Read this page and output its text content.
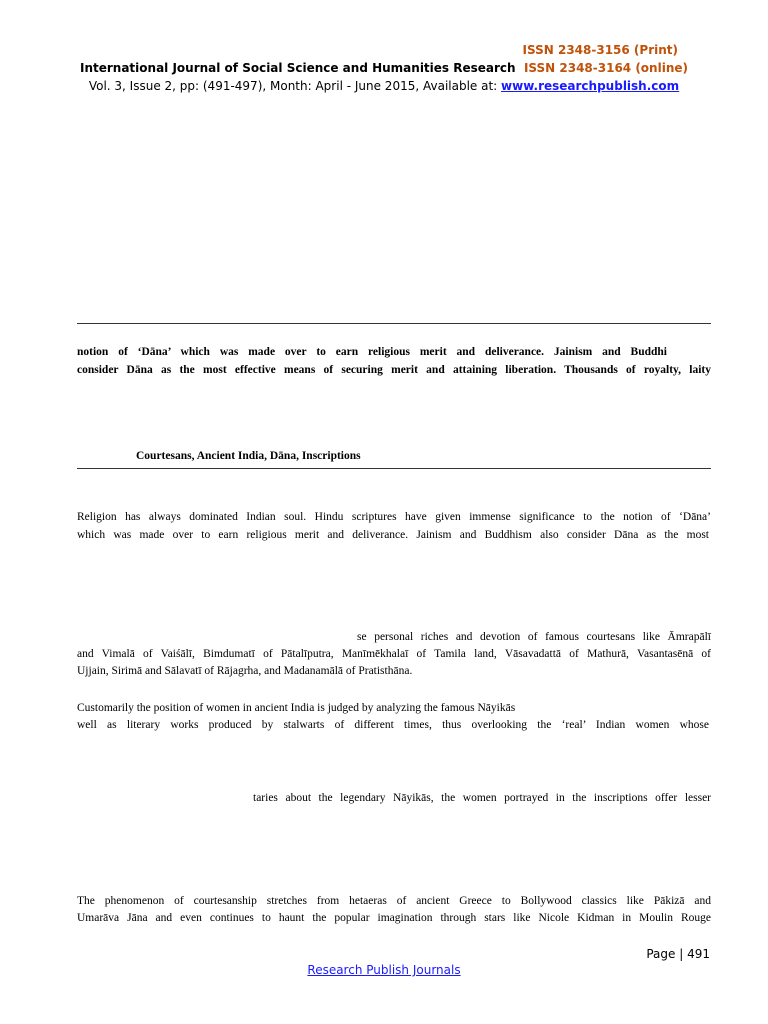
ISSN 2348-3156 (Print)
International Journal of Social Science and Humanities Research ISSN 2348-3164 (online)
Vol. 3, Issue 2, pp: (491-497), Month: April - June 2015, Available at: www.researchpublish.com
notion of ‘Dāna’ which was made over to earn religious merit and deliverance. Jainism and Buddhi
consider Dāna as the most effective means of securing merit and attaining liberation. Thousands of royalty, laity
Courtesans, Ancient India, Dāna, Inscriptions
Religion has always dominated Indian soul. Hindu scriptures have given immense significance to the notion of ‘Dāna’
which was made over to earn religious merit and deliverance. Jainism and Buddhism also consider Dāna as the most
se personal riches and devotion of famous courtesans like Āmrapālī
and Vimalā of Vaiśālī, Bimdumatī of Pātalīputra, Manīmēkhalaī of Tamila land, Vāsavadattā of Mathurā, Vasantasēnā of
Ujjain, Sirimā and Sālavatī of Rājagrha, and Madanamālā of Pratisthāna.
Customarily the position of women in ancient India is judged by analyzing the famous Nāyikās
well as literary works produced by stalwarts of different times, thus overlooking the ‘real’ Indian women whose
taries about the legendary Nāyikās, the women portrayed in the inscriptions offer lesser
The phenomenon of courtesanship stretches from hetaeras of ancient Greece to Bollywood classics like Pākizā and
Umarāva Jāna and even continues to haunt the popular imagination through stars like Nicole Kidman in Moulin Rouge
Page | 491
Research Publish Journals
